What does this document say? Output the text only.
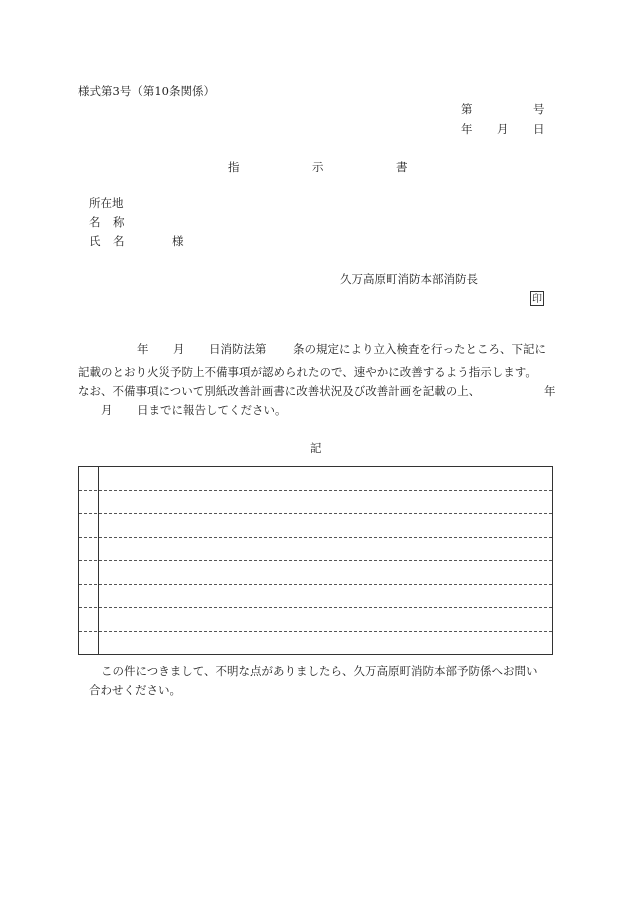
様式第3号（第10条関係）
第	号
年 月 日
指	示	書
所在地
名 称
氏 名	様
久万高原町消防本部消防長
印
年 月 日消防法第 条の規定により立入検査を行ったところ、下記に
記載のとおり火災予防上不備事項が認められたので、速やかに改善するよう指示します。
なお、不備事項について別紙改善計画書に改善状況及び改善計画を記載の上、	年
月 日までに報告してください。
記
この件につきまして、不明な点がありましたら、久万高原町消防本部予防係へお問い
合わせください。
